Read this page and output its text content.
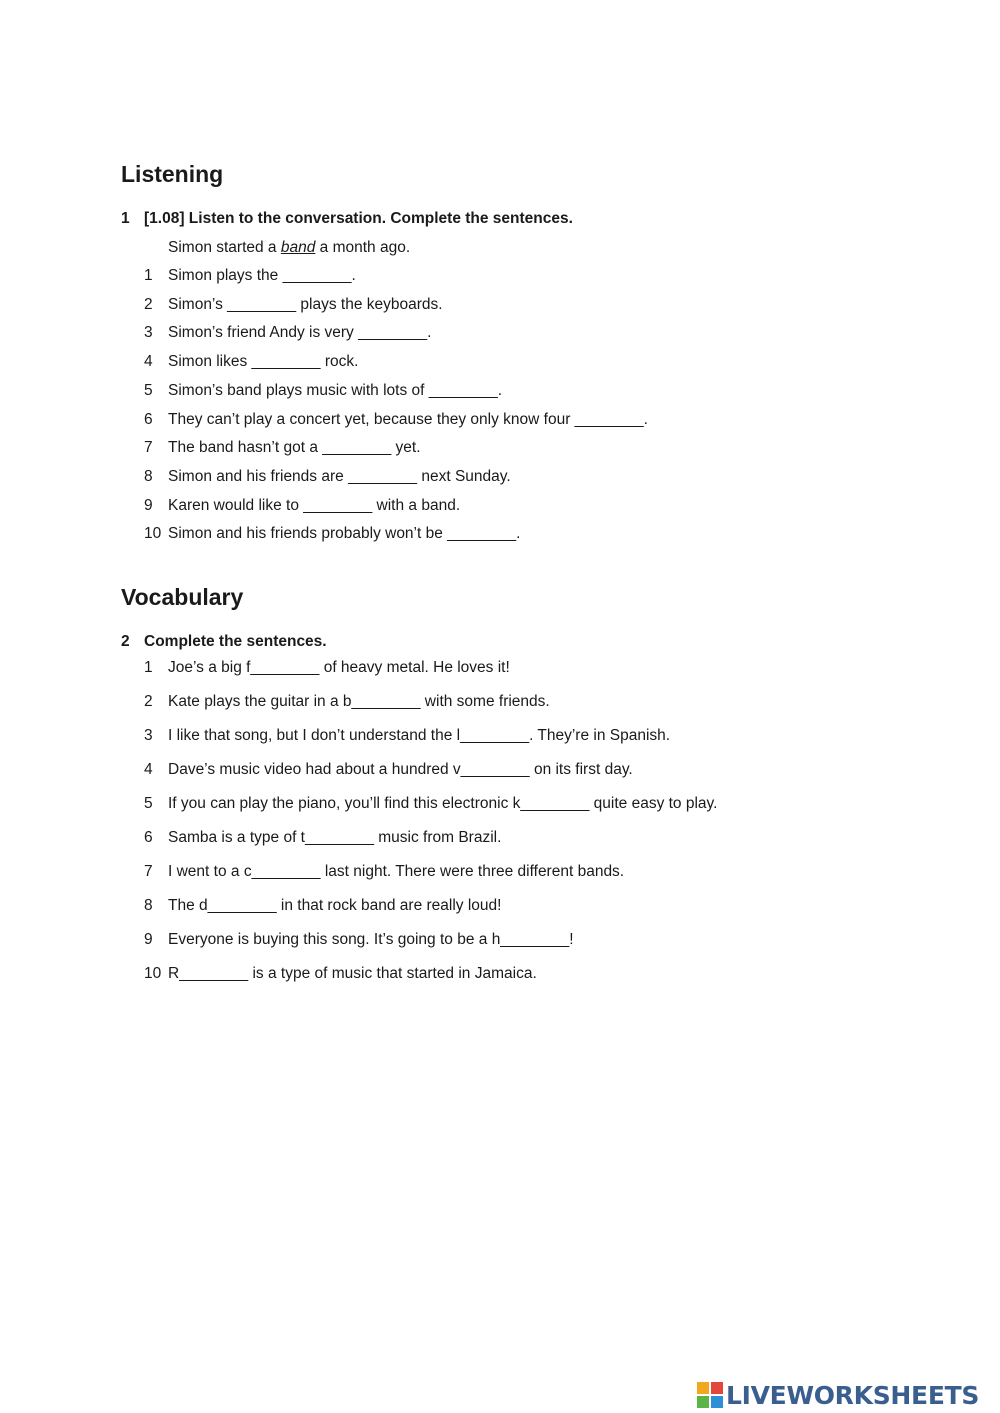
Listening
1 [1.08] Listen to the conversation. Complete the sentences.
Simon started a band a month ago.
1 Simon plays the ________.
2 Simon’s ________ plays the keyboards.
3 Simon’s friend Andy is very ________.
4 Simon likes ________ rock.
5 Simon’s band plays music with lots of ________.
6 They can’t play a concert yet, because they only know four ________.
7 The band hasn’t got a ________ yet.
8 Simon and his friends are ________ next Sunday.
9 Karen would like to ________ with a band.
10 Simon and his friends probably won’t be ________.
Vocabulary
2 Complete the sentences.
1 Joe’s a big f________ of heavy metal. He loves it!
2 Kate plays the guitar in a b________ with some friends.
3 I like that song, but I don’t understand the l________. They’re in Spanish.
4 Dave’s music video had about a hundred v________ on its first day.
5 If you can play the piano, you’ll find this electronic k________ quite easy to play.
6 Samba is a type of t________ music from Brazil.
7 I went to a c________ last night. There were three different bands.
8 The d________ in that rock band are really loud!
9 Everyone is buying this song. It’s going to be a h________!
10 R________ is a type of music that started in Jamaica.
LIVEWORKSHEETS
